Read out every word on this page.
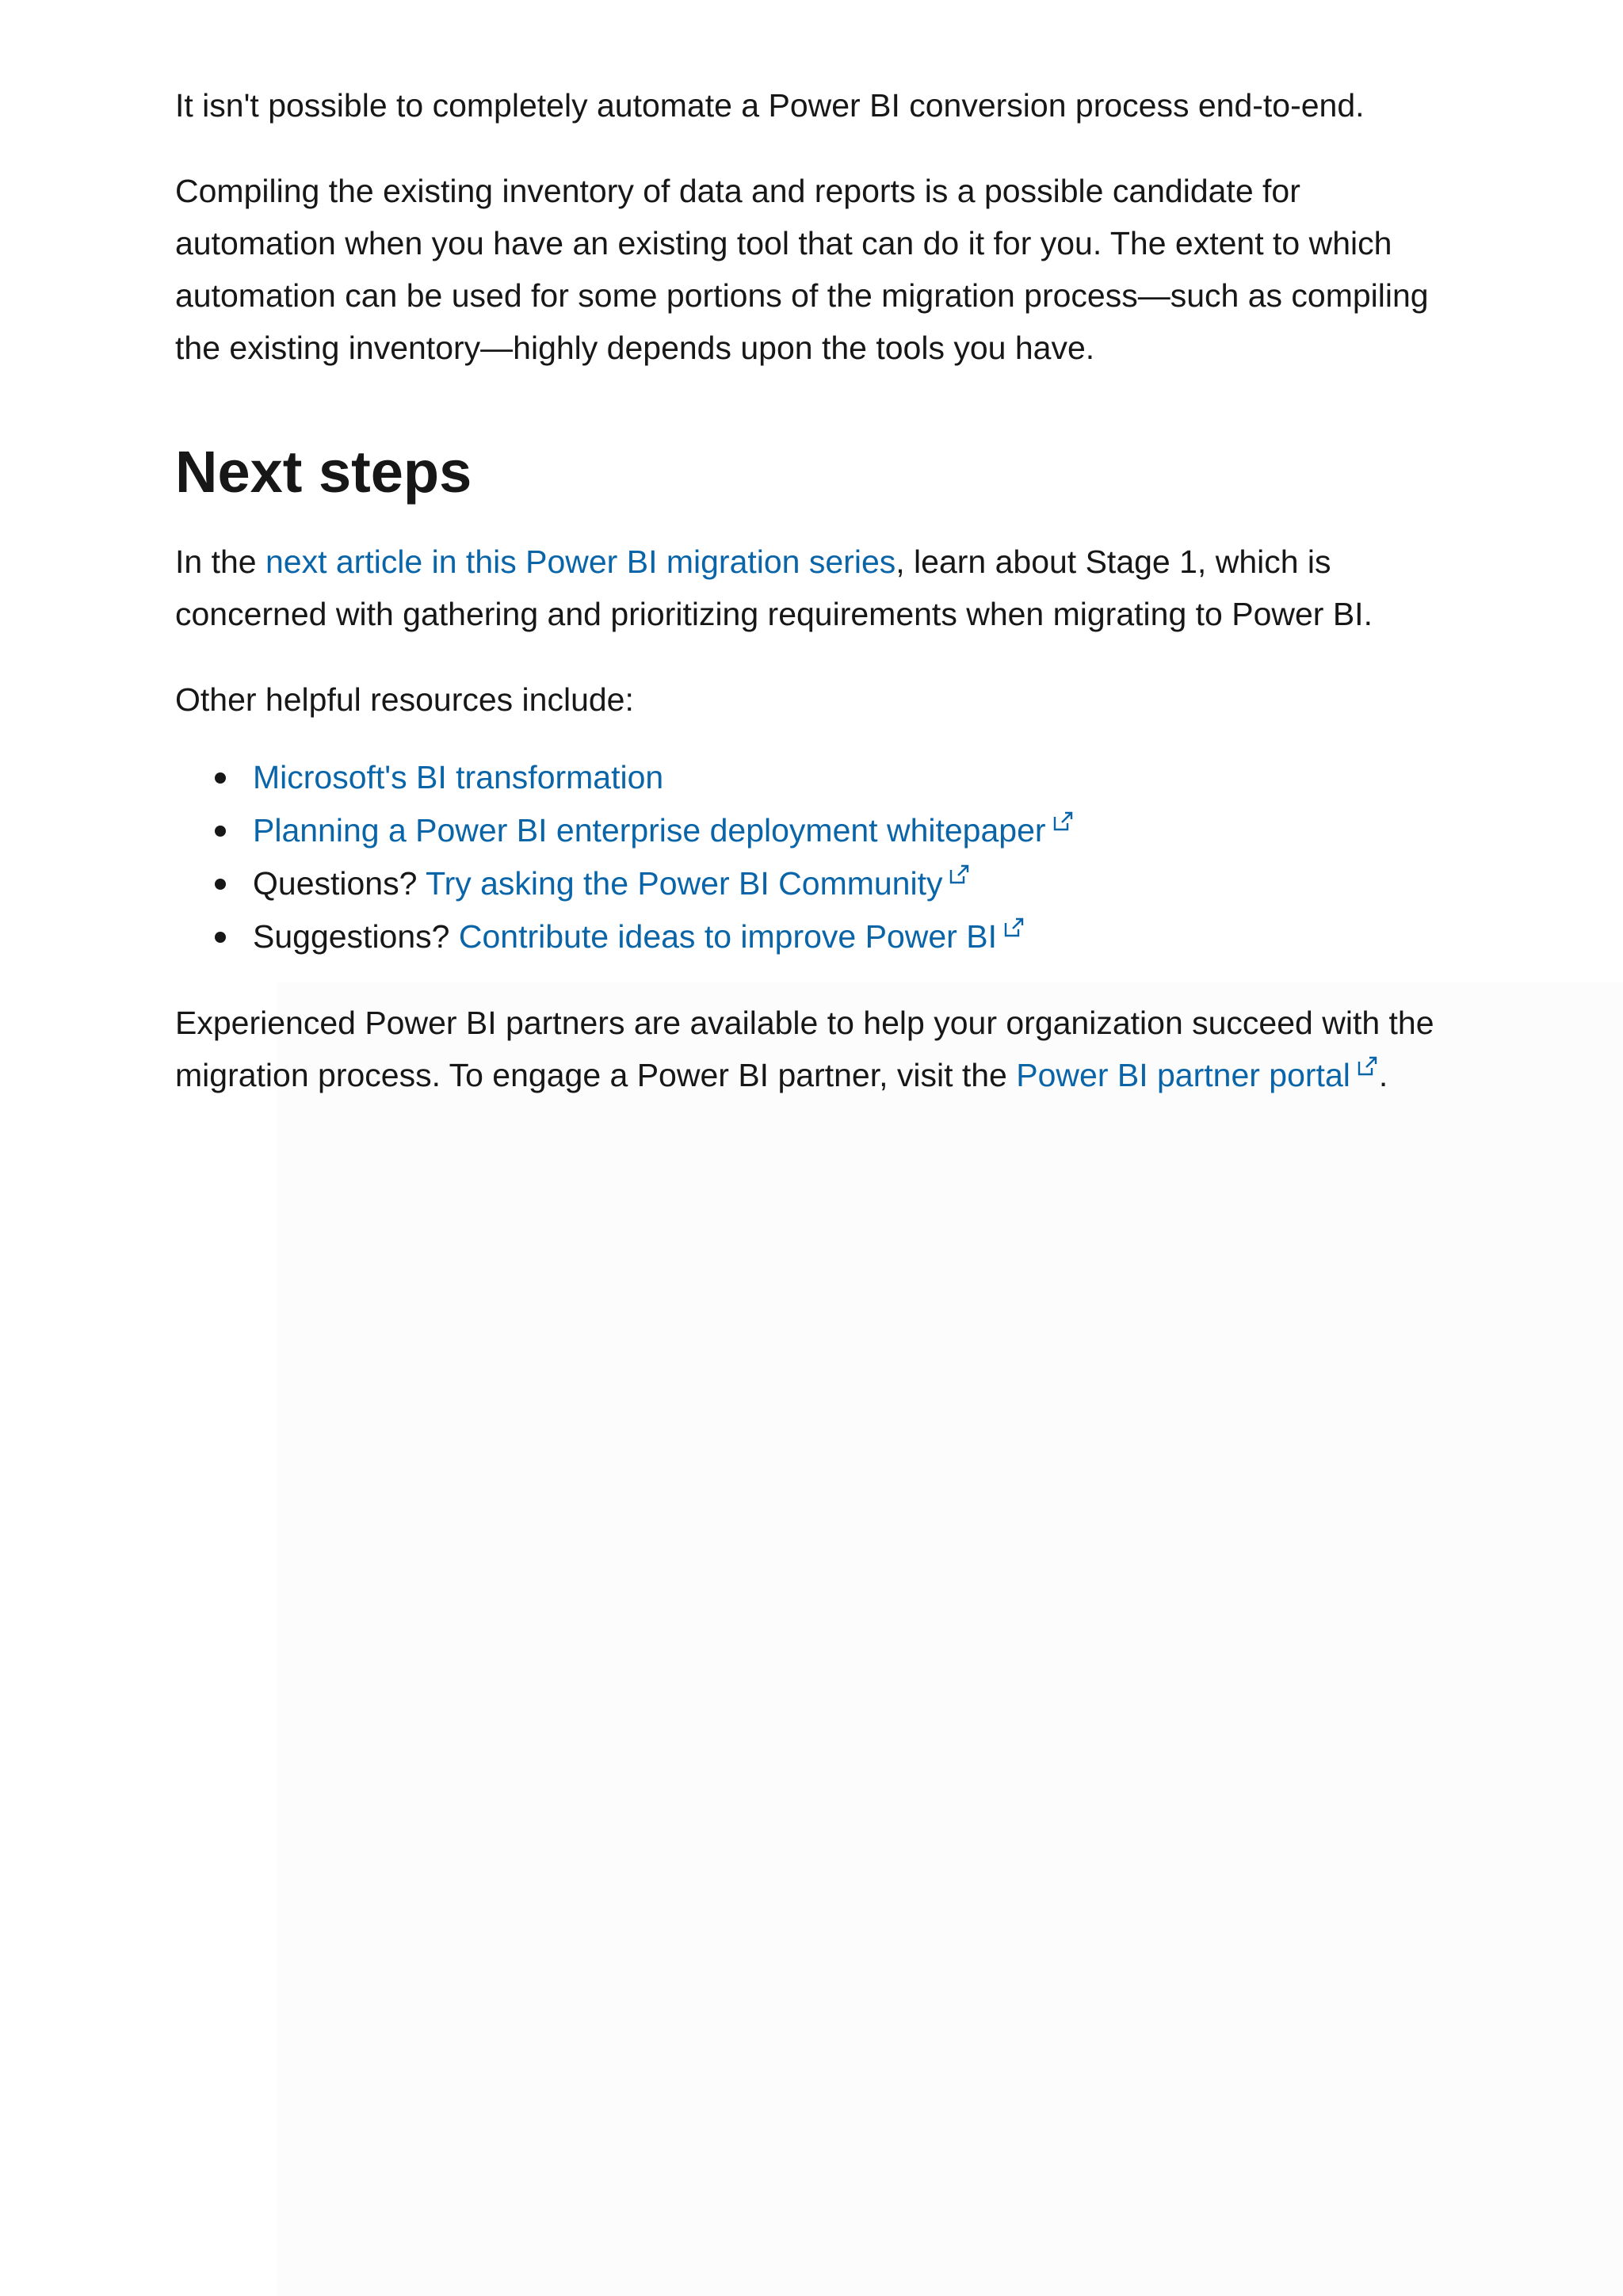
It isn't possible to completely automate a Power BI conversion process end-to-end.

Compiling the existing inventory of data and reports is a possible candidate for automation when you have an existing tool that can do it for you. The extent to which automation can be used for some portions of the migration process—such as compiling the existing inventory—highly depends upon the tools you have.

Next steps

In the next article in this Power BI migration series, learn about Stage 1, which is concerned with gathering and prioritizing requirements when migrating to Power BI.

Other helpful resources include:

Microsoft's BI transformation
Planning a Power BI enterprise deployment whitepaper
Questions? Try asking the Power BI Community
Suggestions? Contribute ideas to improve Power BI

Experienced Power BI partners are available to help your organization succeed with the migration process. To engage a Power BI partner, visit the Power BI partner portal .
